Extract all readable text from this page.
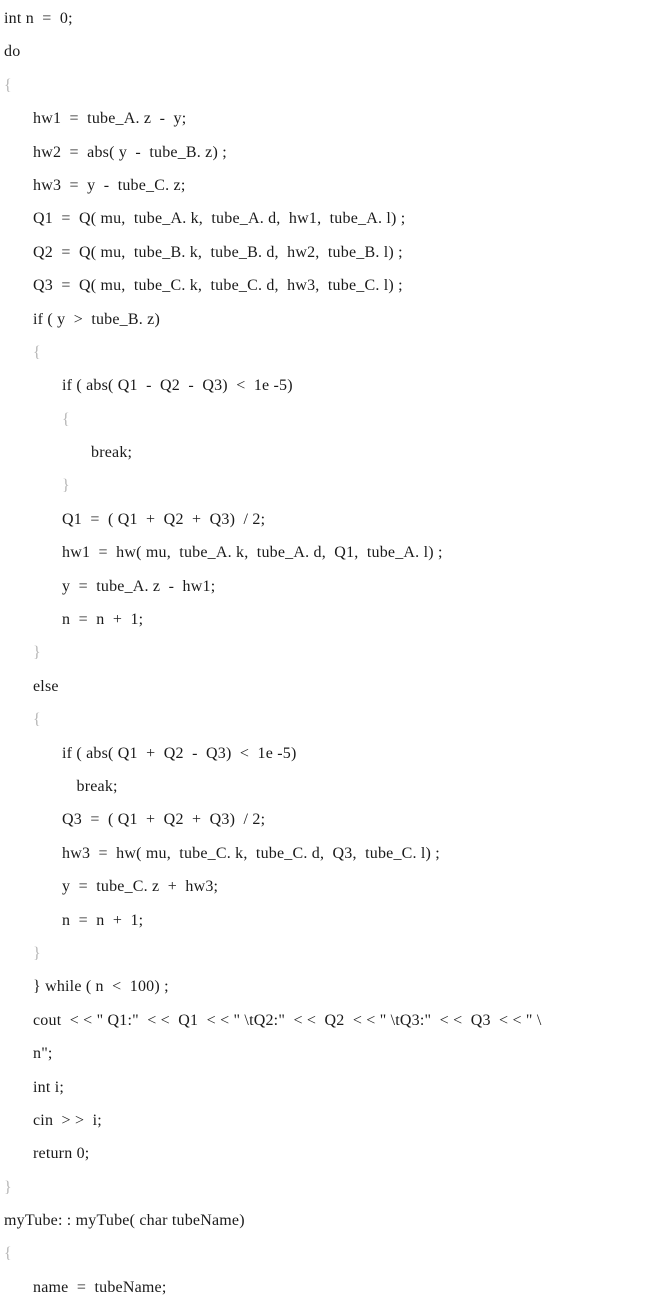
int n  =  0;
do
{
hw1  =  tube_A. z  -  y;
hw2  =  abs( y  -  tube_B. z) ;
hw3  =  y  -  tube_C. z;
Q1  =  Q( mu,  tube_A. k,  tube_A. d,  hw1,  tube_A. l) ;
Q2  =  Q( mu,  tube_B. k,  tube_B. d,  hw2,  tube_B. l) ;
Q3  =  Q( mu,  tube_C. k,  tube_C. d,  hw3,  tube_C. l) ;
if ( y  >  tube_B. z)
{
if ( abs( Q1  -  Q2  -  Q3)  <  1e -5)
{
break;
}
Q1  =  ( Q1  +  Q2  +  Q3)  / 2;
hw1  =  hw( mu,  tube_A. k,  tube_A. d,  Q1,  tube_A. l) ;
y  =  tube_A. z  -  hw1;
n  =  n  +  1;
}
else
{
if ( abs( Q1  +  Q2  -  Q3)  <  1e -5)
break;
Q3  =  ( Q1  +  Q2  +  Q3)  / 2;
hw3  =  hw( mu,  tube_C. k,  tube_C. d,  Q3,  tube_C. l) ;
y  =  tube_C. z  +  hw3;
n  =  n  +  1;
}
} while ( n  <  100) ;
cout  < < " Q1:"  < <  Q1  < < " \tQ2:"  < <  Q2  < < " \tQ3:"  < <  Q3  < < " \
n";
int i;
cin  > >  i;
return 0;
}
myTube: : myTube( char tubeName)
{
name  =  tubeName;
